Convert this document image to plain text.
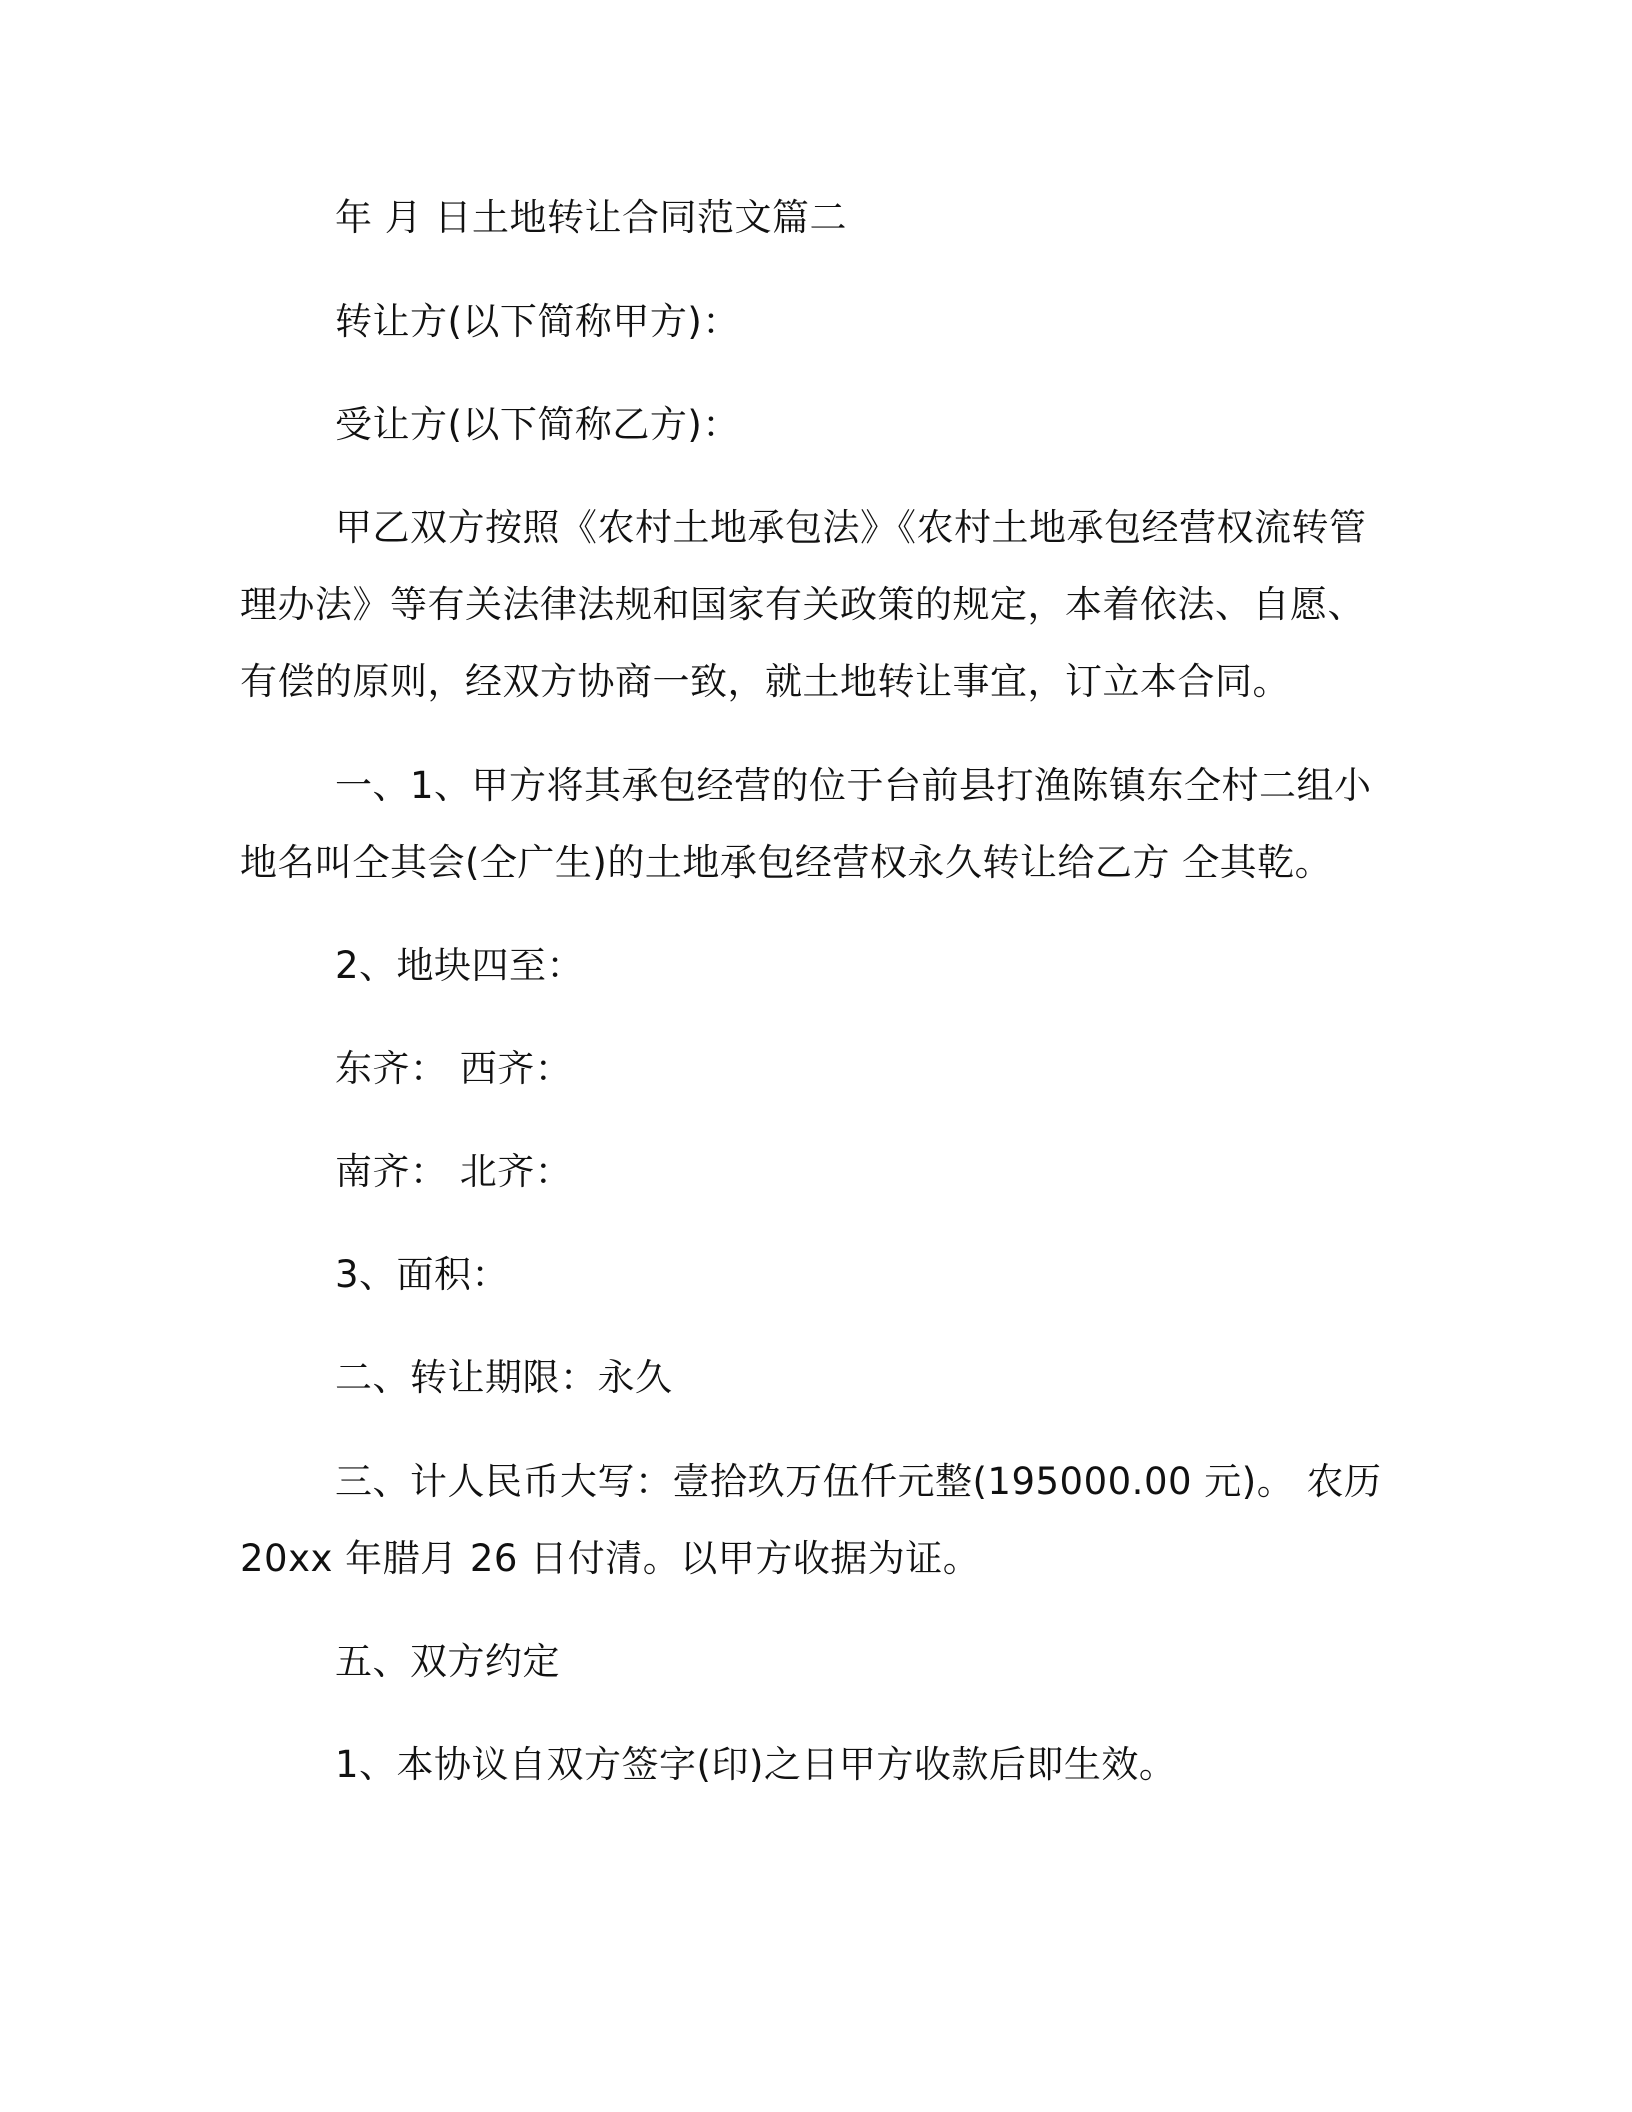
年 月 日土地转让合同范文篇二
转让方(以下简称甲方)：
受让方(以下简称乙方)：
甲乙双方按照《农村土地承包法》《农村土地承包经营权流转管
理办法》等有关法律法规和国家有关政策的规定，本着依法、自愿、
有偿的原则，经双方协商一致，就土地转让事宜，订立本合同。
一、1、甲方将其承包经营的位于台前县打渔陈镇东仝村二组小
地名叫仝其会(仝广生)的土地承包经营权永久转让给乙方 仝其乾。
2、地块四至：
东齐： 西齐：
南齐： 北齐：
3、面积：
二、转让期限：永久
三、计人民币大写：壹拾玖万伍仟元整(195000.00 元)。 农历
20xx 年腊月 26 日付清。以甲方收据为证。
五、双方约定
1、本协议自双方签字(印)之日甲方收款后即生效。
